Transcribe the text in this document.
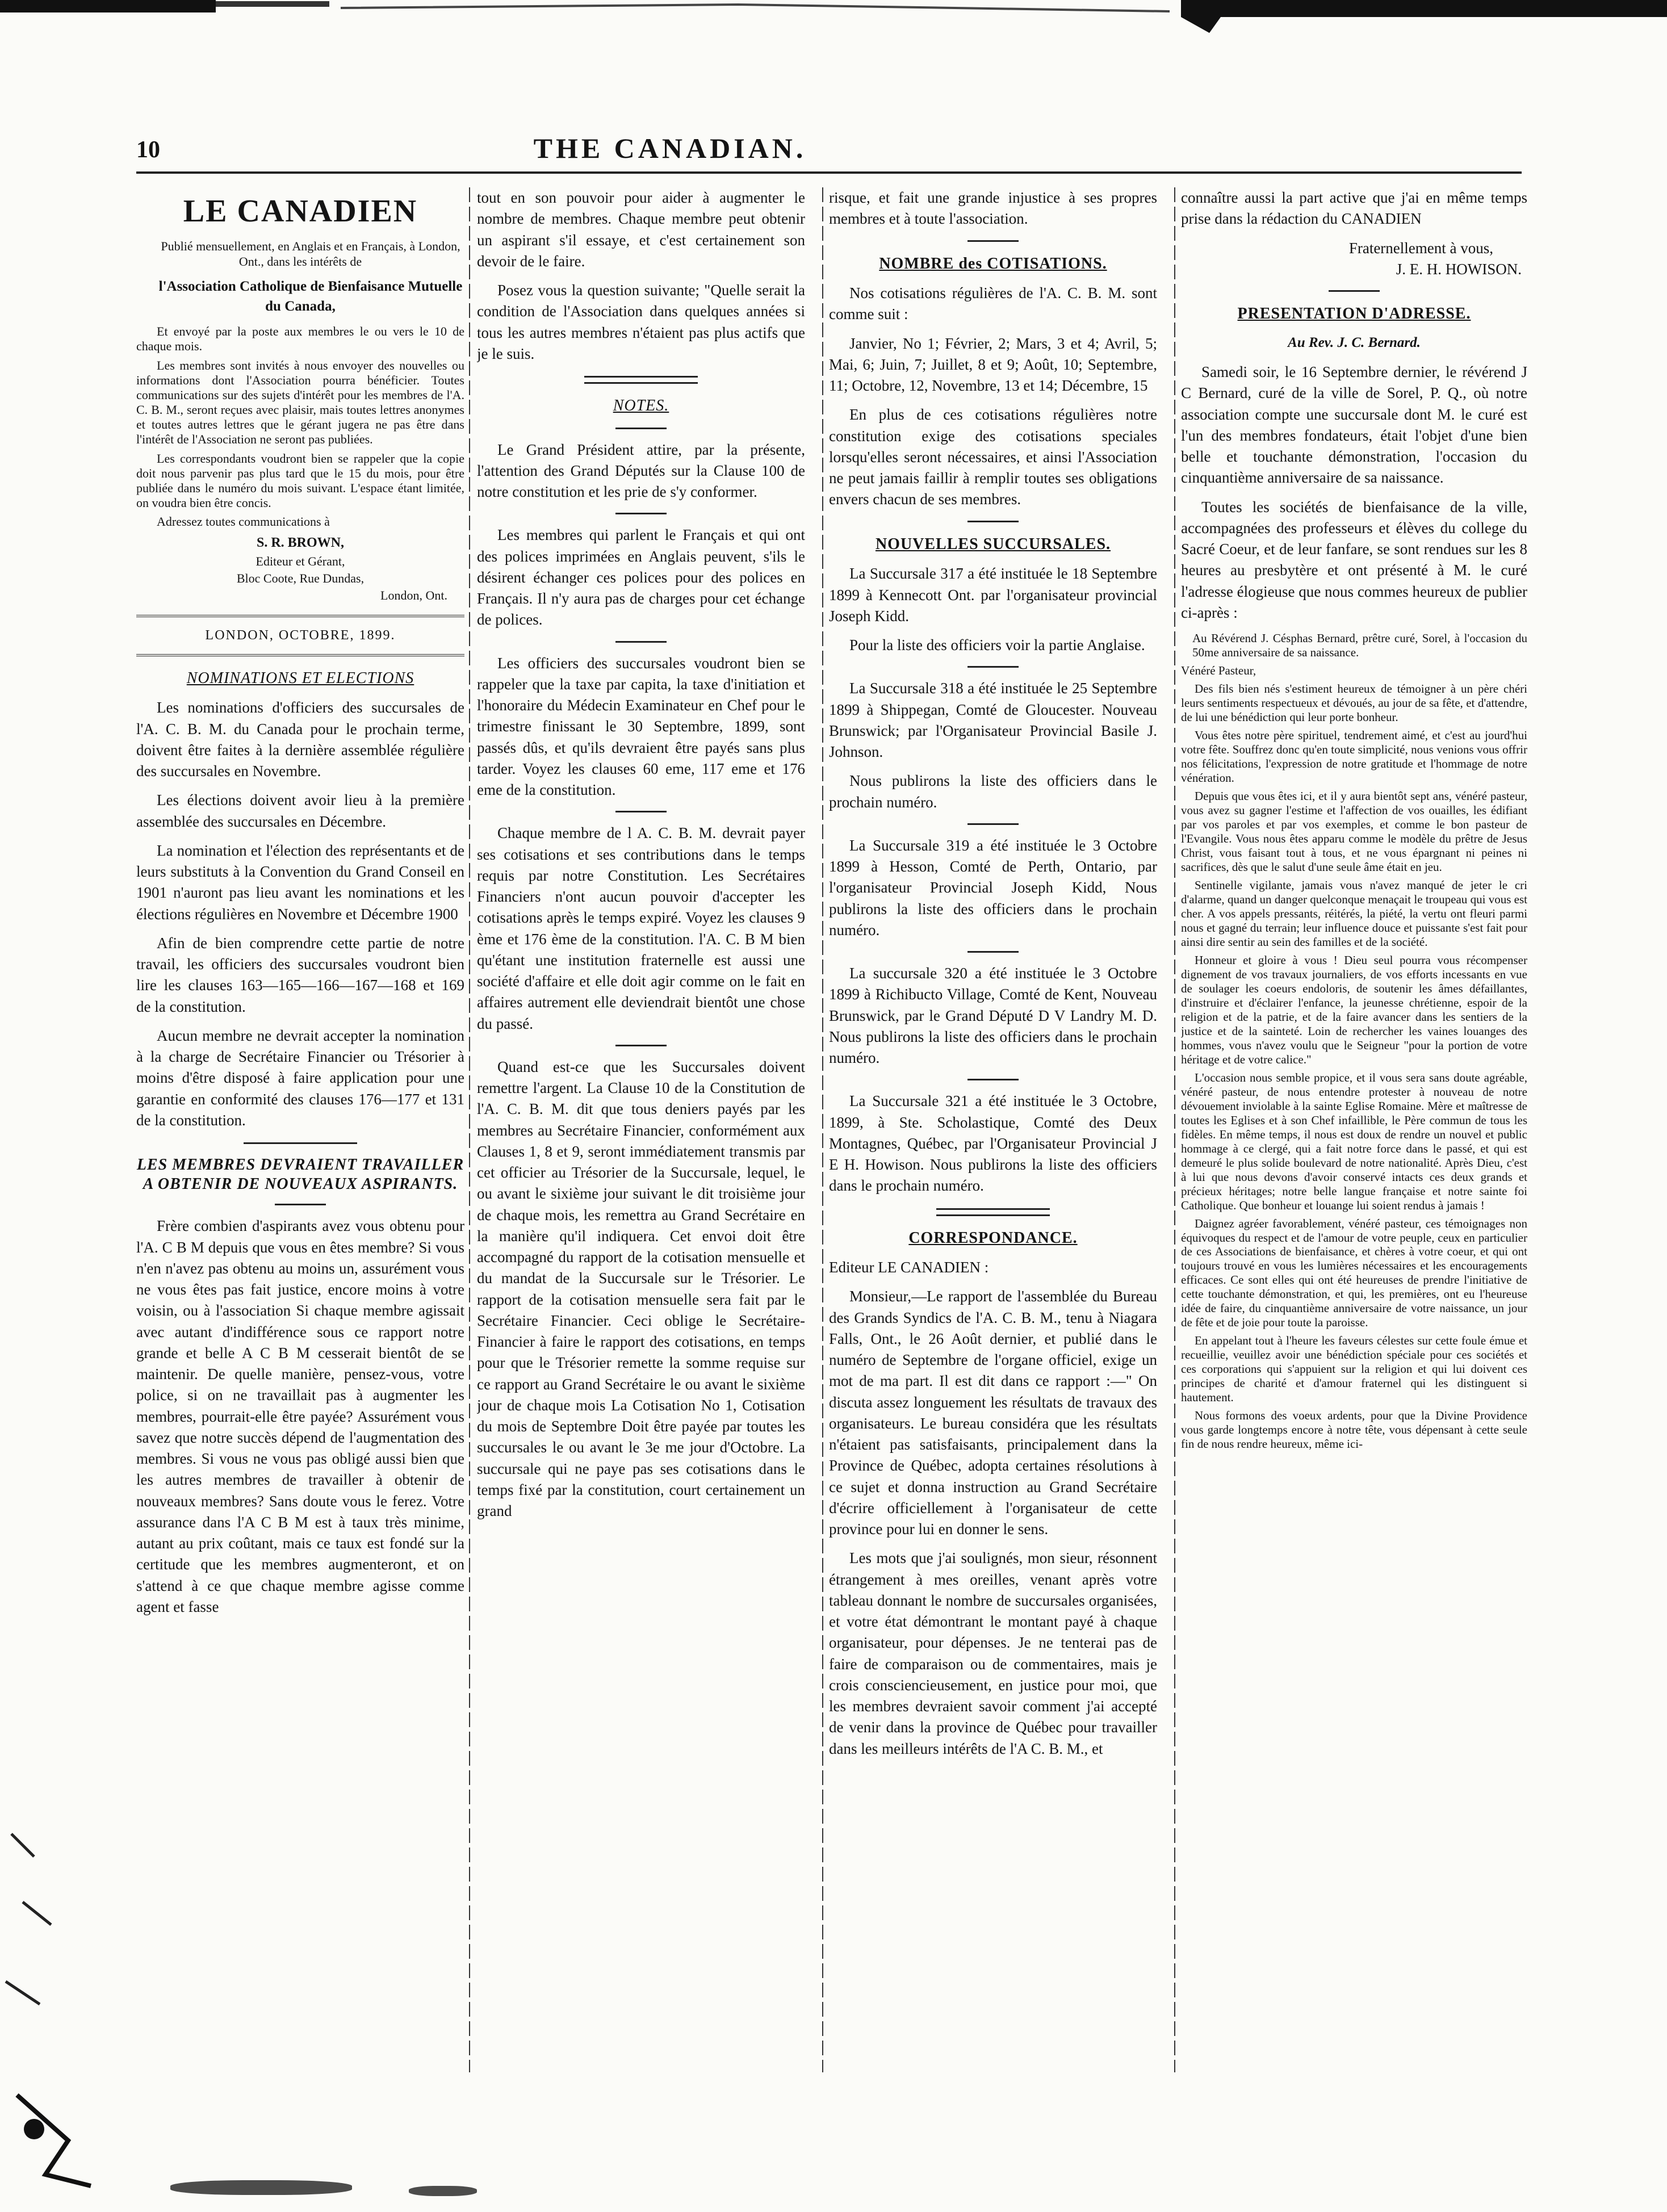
10	THE CANADIAN.
LE CANADIEN

Publié mensuellement, en Anglais et en Français, à London, Ont., dans les intérêts de

l'Association Catholique de Bienfaisance Mutuelle du Canada,

Et envoyé par la poste aux membres le ou vers le 10 de chaque mois.

Les membres sont invités à nous envoyer des nouvelles ou informations dont l'Association pourra bénéficier. Toutes communications sur des sujets d'intérêt pour les membres de l'A. C. B. M., seront reçues avec plaisir, mais toutes lettres anonymes et toutes autres lettres que le gérant jugera ne pas être dans l'intérêt de l'Association ne seront pas publiées.

Les correspondants voudront bien se rappeler que la copie doit nous parvenir pas plus tard que le 15 du mois, pour être publiée dans le numéro du mois suivant. L'espace étant limitée, on voudra bien être concis.

Adressez toutes communications à

S. R. BROWN,

Editeur et Gérant,

Bloc Coote, Rue Dundas,

London, Ont.

LONDON, OCTOBRE, 1899.
NOMINATIONS ET ELECTIONS

Les nominations d'officiers des succursales de l'A. C. B. M. du Canada pour le prochain terme, doivent être faites à la dernière assemblée régulière des succursales en Novembre.

Les élections doivent avoir lieu à la première assemblée des succursales en Décembre.

La nomination et l'élection des représentants et de leurs substituts à la Convention du Grand Conseil en 1901 n'auront pas lieu avant les nominations et les élections régulières en Novembre et Décembre 1900

Afin de bien comprendre cette partie de notre travail, les officiers des succursales voudront bien lire les clauses 163—165—166—167—168 et 169 de la constitution.

Aucun membre ne devrait accepter la nomination à la charge de Secrétaire Financier ou Trésorier à moins d'être disposé à faire application pour une garantie en conformité des clauses 176—177 et 131 de la constitution.

LES MEMBRES DEVRAIENT TRAVAILLER A OBTENIR DE NOUVEAUX ASPIRANTS.

Frère combien d'aspirants avez vous obtenu pour l'A. C B M depuis que vous en êtes membre? Si vous n'en n'avez pas obtenu au moins un, assurément vous ne vous êtes pas fait justice, encore moins à votre voisin, ou à l'association Si chaque membre agissait avec autant d'indifférence sous ce rapport notre grande et belle A C B M cesserait bientôt de se maintenir. De quelle manière, pensez-vous, votre police, si on ne travaillait pas à augmenter les membres, pourrait-elle être payée? Assurément vous savez que notre succès dépend de l'augmentation des membres. Si vous ne vous pas obligé aussi bien que les autres membres de travailler à obtenir de nouveaux membres? Sans doute vous le ferez. Votre assurance dans l'A C B M est à taux très minime, autant au prix coûtant, mais ce taux est fondé sur la certitude que les membres augmenteront, et on s'attend à ce que chaque membre agisse comme agent et fasse

tout en son pouvoir pour aider à augmenter le nombre de membres. Chaque membre peut obtenir un aspirant s'il essaye, et c'est certainement son devoir de le faire.

Posez vous la question suivante; "Quelle serait la condition de l'Association dans quelques années si tous les autres membres n'étaient pas plus actifs que je le suis.

NOTES.

Le Grand Président attire, par la présente, l'attention des Grand Députés sur la Clause 100 de notre constitution et les prie de s'y conformer.

Les membres qui parlent le Français et qui ont des polices imprimées en Anglais peuvent, s'ils le désirent échanger ces polices pour des polices en Français. Il n'y aura pas de charges pour cet échange de polices.

Les officiers des succursales voudront bien se rappeler que la taxe par capita, la taxe d'initiation et l'honoraire du Médecin Examinateur en Chef pour le trimestre finissant le 30 Septembre, 1899, sont passés dûs, et qu'ils devraient être payés sans plus tarder. Voyez les clauses 60 eme, 117 eme et 176 eme de la constitution.

Chaque membre de l A. C. B. M. devrait payer ses cotisations et ses contributions dans le temps requis par notre Constitution. Les Secrétaires Financiers n'ont aucun pouvoir d'accepter les cotisations après le temps expiré. Voyez les clauses 9 ème et 176 ème de la constitution. l'A. C. B M bien qu'étant une institution fraternelle est aussi une société d'affaire et elle doit agir comme on le fait en affaires autrement elle deviendrait bientôt une chose du passé.

Quand est-ce que les Succursales doivent remettre l'argent. La Clause 10 de la Constitution de l'A. C. B. M. dit que tous deniers payés par les membres au Secrétaire Financier, conformément aux Clauses 1, 8 et 9, seront immédiatement transmis par cet officier au Trésorier de la Succursale, lequel, le ou avant le sixième jour suivant le dit troisième jour de chaque mois, les remettra au Grand Secrétaire en la manière qu'il indiquera. Cet envoi doit être accompagné du rapport de la cotisation mensuelle et du mandat de la Succursale sur le Trésorier. Le rapport de la cotisation mensuelle sera fait par le Secrétaire Financier. Ceci oblige le Secrétaire-Financier à faire le rapport des cotisations, en temps pour que le Trésorier remette la somme requise sur ce rapport au Grand Secrétaire le ou avant le sixième jour de chaque mois La Cotisation No 1, Cotisation du mois de Septembre Doit être payée par toutes les succursales le ou avant le 3e me jour d'Octobre. La succursale qui ne paye pas ses cotisations dans le temps fixé par la constitution, court certainement un grand

risque, et fait une grande injustice à ses propres membres et à toute l'association.

NOMBRE des COTISATIONS.

Nos cotisations régulières de l'A. C. B. M. sont comme suit :

Janvier, No 1; Février, 2; Mars, 3 et 4; Avril, 5; Mai, 6; Juin, 7; Juillet, 8 et 9; Août, 10; Septembre, 11; Octobre, 12, Novembre, 13 et 14; Décembre, 15

En plus de ces cotisations régulières notre constitution exige des cotisations speciales lorsqu'elles seront nécessaires, et ainsi l'Association ne peut jamais faillir à remplir toutes ses obligations envers chacun de ses membres.

NOUVELLES SUCCURSALES.

La Succursale 317 a été instituée le 18 Septembre 1899 à Kennecott Ont. par l'organisateur provincial Joseph Kidd.

Pour la liste des officiers voir la partie Anglaise.

La Succursale 318 a été instituée le 25 Septembre 1899 à Shippegan, Comté de Gloucester. Nouveau Brunswick; par l'Organisateur Provincial Basile J. Johnson.

Nous publirons la liste des officiers dans le prochain numéro.

La Succursale 319 a été instituée le 3 Octobre 1899 à Hesson, Comté de Perth, Ontario, par l'organisateur Provincial Joseph Kidd, Nous publirons la liste des officiers dans le prochain numéro.

La succursale 320 a été instituée le 3 Octobre 1899 à Richibucto Village, Comté de Kent, Nouveau Brunswick, par le Grand Député D V Landry M. D. Nous publirons la liste des officiers dans le prochain numéro.

La Succursale 321 a été instituée le 3 Octobre, 1899, à Ste. Scholastique, Comté des Deux Montagnes, Québec, par l'Organisateur Provincial J E H. Howison. Nous publirons la liste des officiers dans le prochain numéro.

CORRESPONDANCE.

Editeur LE CANADIEN :

Monsieur,—Le rapport de l'assemblée du Bureau des Grands Syndics de l'A. C. B. M., tenu à Niagara Falls, Ont., le 26 Août dernier, et publié dans le numéro de Septembre de l'organe officiel, exige un mot de ma part. Il est dit dans ce rapport :—" On discuta assez longuement les résultats de travaux des organisateurs. Le bureau considéra que les résultats n'étaient pas satisfaisants, principalement dans la Province de Québec, adopta certaines résolutions à ce sujet et donna instruction au Grand Secrétaire d'écrire officiellement à l'organisateur de cette province pour lui en donner le sens.

Les mots que j'ai soulignés, mon sieur, résonnent étrangement à mes oreilles, venant après votre tableau donnant le nombre de succursales organisées, et votre état démontrant le montant payé à chaque organisateur, pour dépenses. Je ne tenterai pas de faire de comparaison ou de commentaires, mais je crois consciencieusement, en justice pour moi, que les membres devraient savoir comment j'ai accepté de venir dans la province de Québec pour travailler dans les meilleurs intérêts de l'A C. B. M., et

connaître aussi la part active que j'ai en même temps prise dans la rédaction du CANADIEN

Fraternellement à vous,

J. E. H. HOWISON.

PRESENTATION D'ADRESSE.
Au Rev. J. C. Bernard.

Samedi soir, le 16 Septembre dernier, le révérend J C Bernard, curé de la ville de Sorel, P. Q., où notre association compte une succursale dont M. le curé est l'un des membres fondateurs, était l'objet d'une bien belle et touchante démonstration, l'occasion du cinquantième anniversaire de sa naissance.

Toutes les sociétés de bienfaisance de la ville, accompagnées des professeurs et élèves du college du Sacré Coeur, et de leur fanfare, se sont rendues sur les 8 heures au presbytère et ont présenté à M. le curé l'adresse élogieuse que nous commes heureux de publier ci-après :

Au Révérend J. Césphas Bernard, prêtre curé, Sorel, à l'occasion du 50me anniversaire de sa naissance.

Vénéré Pasteur,

Des fils bien nés s'estiment heureux de témoigner à un père chéri leurs sentiments respectueux et dévoués, au jour de sa fête, et d'attendre, de lui une bénédiction qui leur porte bonheur.

Vous êtes notre père spirituel, tendrement aimé, et c'est au jourd'hui votre fête. Souffrez donc qu'en toute simplicité, nous venions vous offrir nos félicitations, l'expression de notre gratitude et l'hommage de notre vénération.

Depuis que vous êtes ici, et il y aura bientôt sept ans, vénéré pasteur, vous avez su gagner l'estime et l'affection de vos ouailles, les édifiant par vos paroles et par vos exemples, et comme le bon pasteur de l'Evangile. Vous nous êtes apparu comme le modèle du prêtre de Jesus Christ, vous faisant tout à tous, et ne vous épargnant ni peines ni sacrifices, dès que le salut d'une seule âme était en jeu.

Sentinelle vigilante, jamais vous n'avez manqué de jeter le cri d'alarme, quand un danger quelconque menaçait le troupeau qui vous est cher. A vos appels pressants, réitérés, la piété, la vertu ont fleuri parmi nous et gagné du terrain; leur influence douce et puissante s'est fait pour ainsi dire sentir au sein des familles et de la société.

Honneur et gloire à vous ! Dieu seul pourra vous récompenser dignement de vos travaux journaliers, de vos efforts incessants en vue de soulager les coeurs endoloris, de soutenir les âmes défaillantes, d'instruire et d'éclairer l'enfance, la jeunesse chrétienne, espoir de la religion et de la patrie, et de la faire avancer dans les sentiers de la justice et de la sainteté. Loin de rechercher les vaines louanges des hommes, vous n'avez voulu que le Seigneur "pour la portion de votre héritage et de votre calice."

L'occasion nous semble propice, et il vous sera sans doute agréable, vénéré pasteur, de nous entendre protester à nouveau de notre dévouement inviolable à la sainte Eglise Romaine. Mère et maîtresse de toutes les Eglises et à son Chef infaillible, le Père commun de tous les fidèles. En même temps, il nous est doux de rendre un nouvel et public hommage à ce clergé, qui a fait notre force dans le passé, et qui est demeuré le plus solide boulevard de notre nationalité. Après Dieu, c'est à lui que nous devons d'avoir conservé intacts ces deux grands et précieux héritages; notre belle langue française et notre sainte foi Catholique. Que bonheur et louange lui soient rendus à jamais !

Daignez agréer favorablement, vénéré pasteur, ces témoignages non équivoques du respect et de l'amour de votre peuple, ceux en particulier de ces Associations de bienfaisance, et chères à votre coeur, et qui ont toujours trouvé en vous les lumières nécessaires et les encouragements efficaces. Ce sont elles qui ont été heureuses de prendre l'initiative de cette touchante démonstration, et qui, les premières, ont eu l'heureuse idée de faire, du cinquantième anniversaire de votre naissance, un jour de fête et de joie pour toute la paroisse.

En appelant tout à l'heure les faveurs célestes sur cette foule émue et recueillie, veuillez avoir une bénédiction spéciale pour ces sociétés et ces corporations qui s'appuient sur la religion et qui lui doivent ces principes de charité et d'amour fraternel qui les distinguent si hautement.

Nous formons des voeux ardents, pour que la Divine Providence vous garde longtemps encore à notre tête, vous dépensant à cette seule fin de nous rendre heureux, même ici-
